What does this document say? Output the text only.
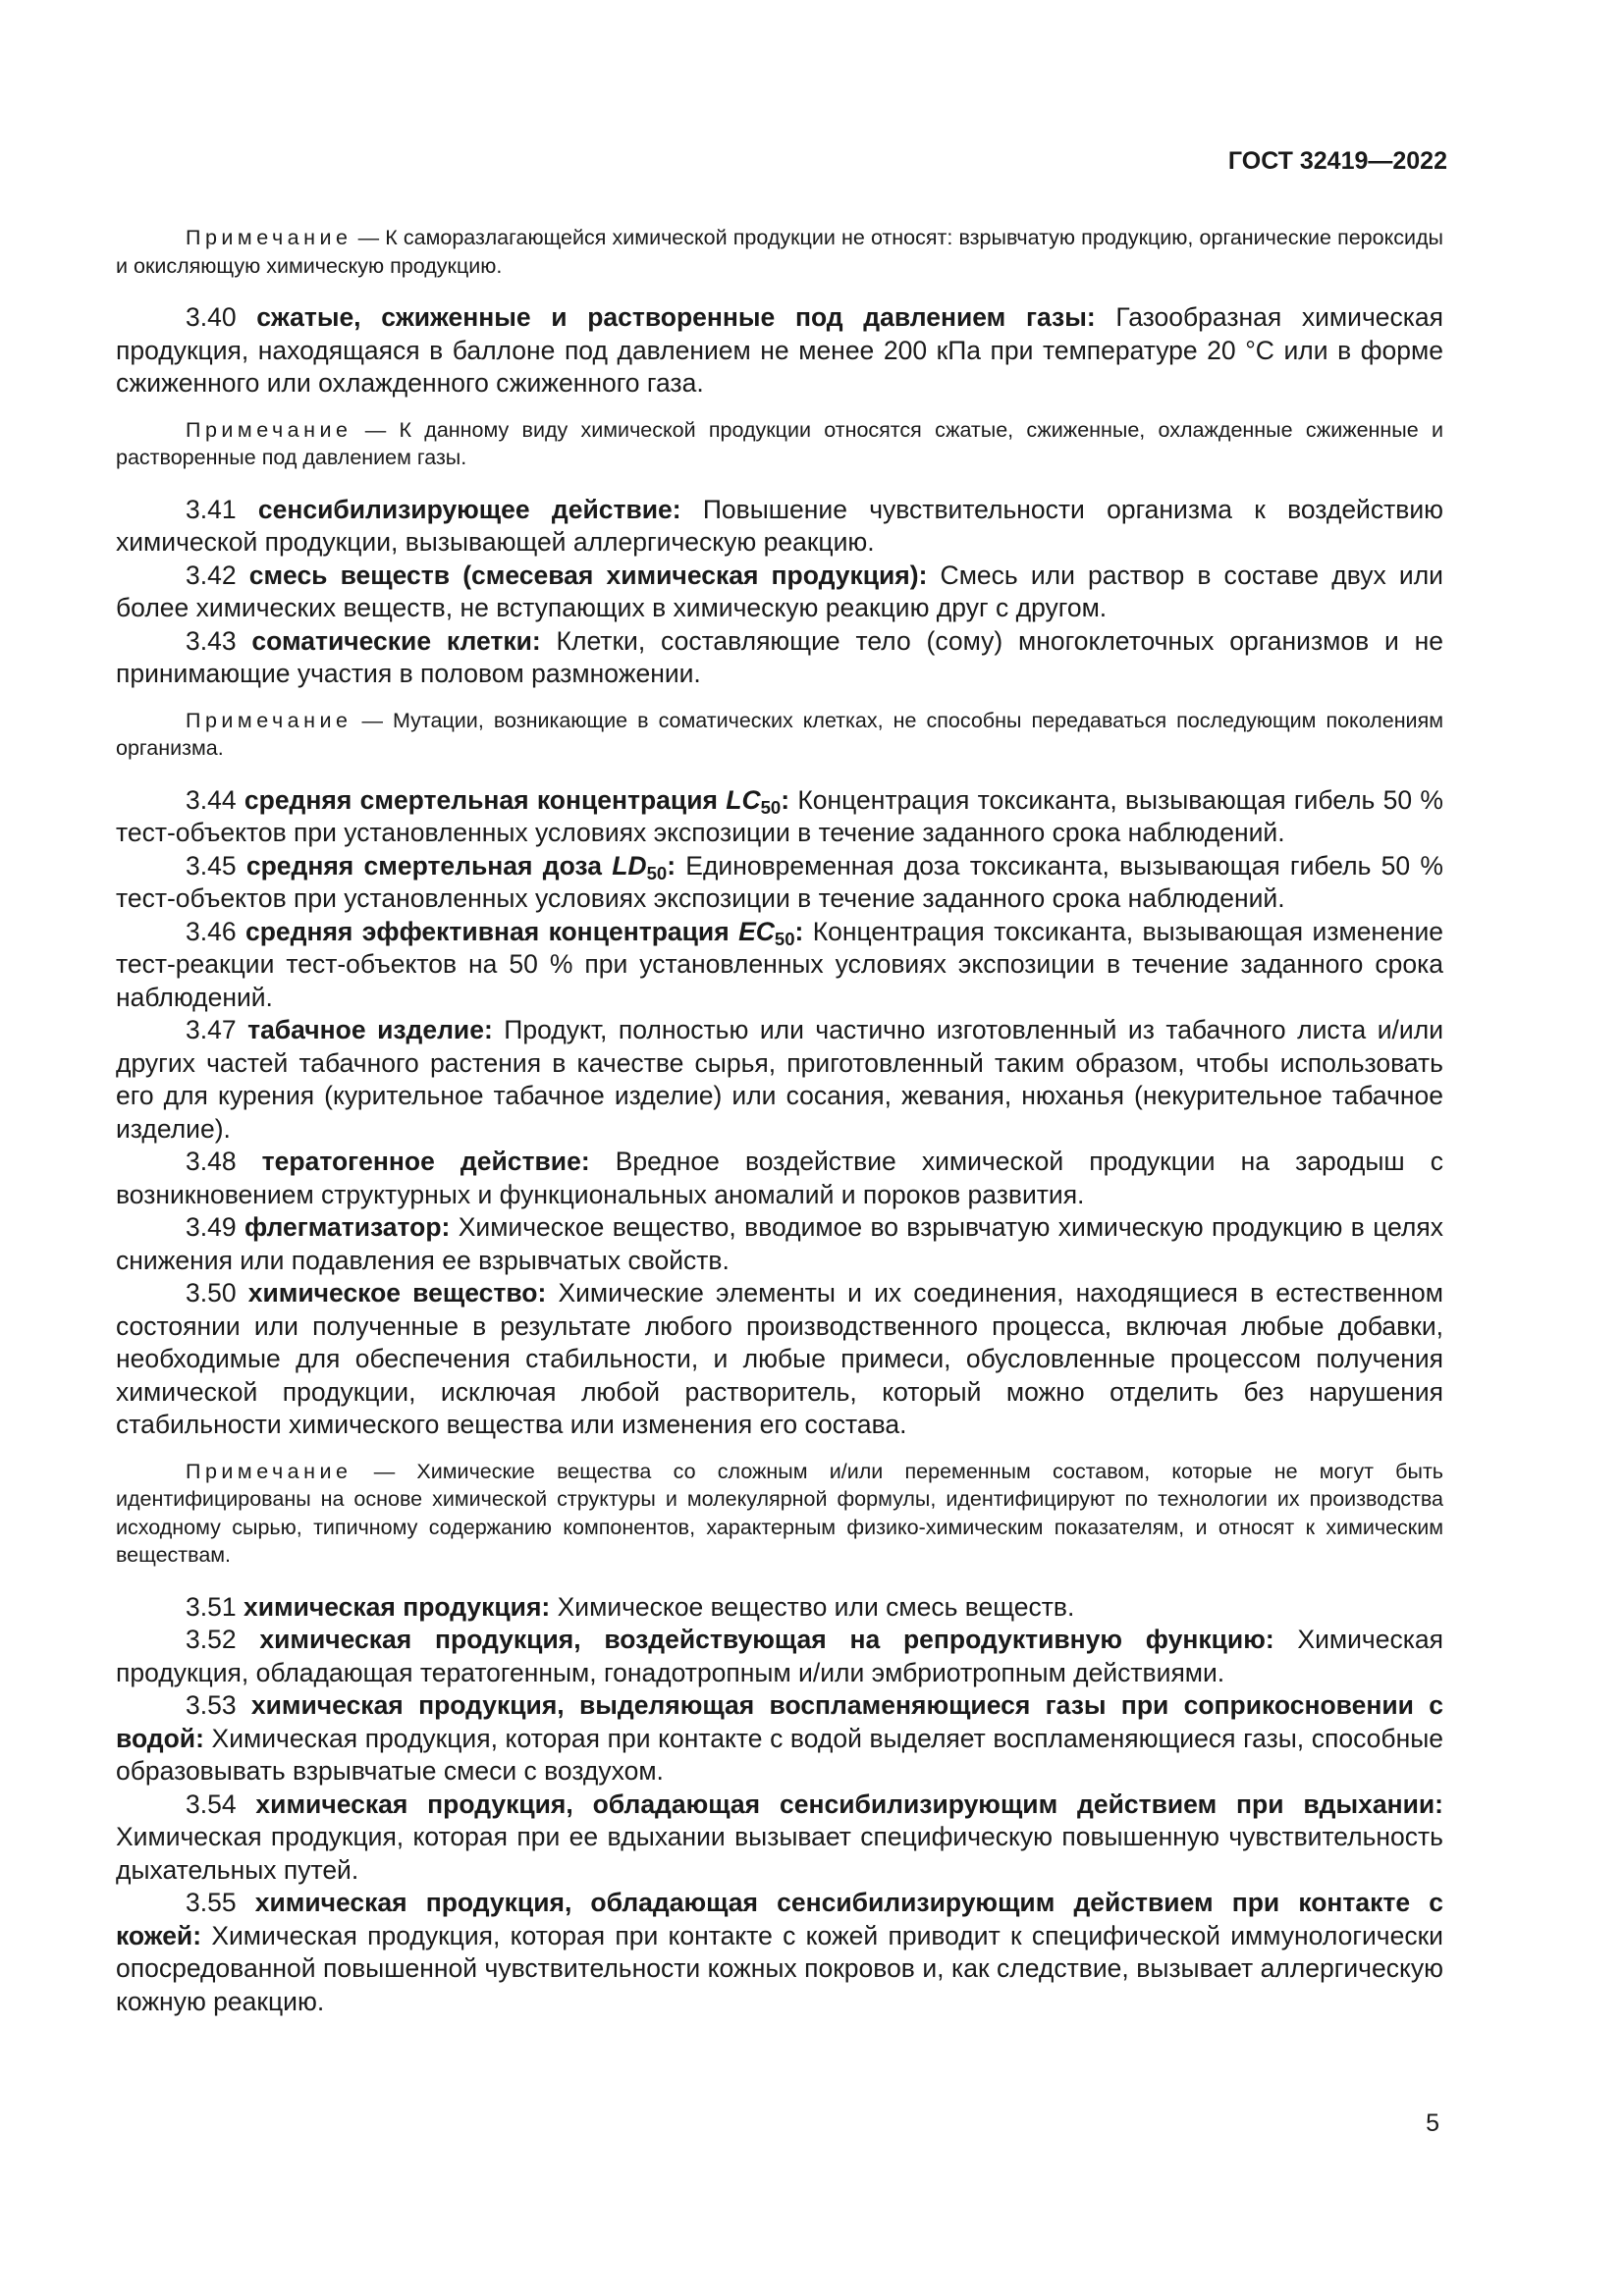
ГОСТ 32419—2022

Примечание — К саморазлагающейся химической продукции не относят: взрывчатую продукцию, органические пероксиды и окисляющую химическую продукцию.

3.40 сжатые, сжиженные и растворенные под давлением газы: Газообразная химическая продукция, находящаяся в баллоне под давлением не менее 200 кПа при температуре 20 °С или в форме сжиженного или охлажденного сжиженного газа.

Примечание — К данному виду химической продукции относятся сжатые, сжиженные, охлажденные сжиженные и растворенные под давлением газы.

3.41 сенсибилизирующее действие: Повышение чувствительности организма к воздействию химической продукции, вызывающей аллергическую реакцию.

3.42 смесь веществ (смесевая химическая продукция): Смесь или раствор в составе двух или более химических веществ, не вступающих в химическую реакцию друг с другом.

3.43 соматические клетки: Клетки, составляющие тело (сому) многоклеточных организмов и не принимающие участия в половом размножении.

Примечание — Мутации, возникающие в соматических клетках, не способны передаваться последующим поколениям организма.

3.44 средняя смертельная концентрация $LC_{50}$: Концентрация токсиканта, вызывающая гибель 50 % тест-объектов при установленных условиях экспозиции в течение заданного срока наблюдений.

3.45 средняя смертельная доза $LD_{50}$: Единовременная доза токсиканта, вызывающая гибель 50 % тест-объектов при установленных условиях экспозиции в течение заданного срока наблюдений.

3.46 средняя эффективная концентрация $EC_{50}$: Концентрация токсиканта, вызывающая изменение тест-реакции тест-объектов на 50 % при установленных условиях экспозиции в течение заданного срока наблюдений.

3.47 табачное изделие: Продукт, полностью или частично изготовленный из табачного листа и/или других частей табачного растения в качестве сырья, приготовленный таким образом, чтобы использовать его для курения (курительное табачное изделие) или сосания, жевания, нюханья (некурительное табачное изделие).

3.48 тератогенное действие: Вредное воздействие химической продукции на зародыш с возникновением структурных и функциональных аномалий и пороков развития.

3.49 флегматизатор: Химическое вещество, вводимое во взрывчатую химическую продукцию в целях снижения или подавления ее взрывчатых свойств.

3.50 химическое вещество: Химические элементы и их соединения, находящиеся в естественном состоянии или полученные в результате любого производственного процесса, включая любые добавки, необходимые для обеспечения стабильности, и любые примеси, обусловленные процессом получения химической продукции, исключая любой растворитель, который можно отделить без нарушения стабильности химического вещества или изменения его состава.

Примечание — Химические вещества со сложным и/или переменным составом, которые не могут быть идентифицированы на основе химической структуры и молекулярной формулы, идентифицируют по технологии их производства исходному сырью, типичному содержанию компонентов, характерным физико-химическим показателям, и относят к химическим веществам.

3.51 химическая продукция: Химическое вещество или смесь веществ.

3.52 химическая продукция, воздействующая на репродуктивную функцию: Химическая продукция, обладающая тератогенным, гонадотропным и/или эмбриотропным действиями.

3.53 химическая продукция, выделяющая воспламеняющиеся газы при соприкосновении с водой: Химическая продукция, которая при контакте с водой выделяет воспламеняющиеся газы, способные образовывать взрывчатые смеси с воздухом.

3.54 химическая продукция, обладающая сенсибилизирующим действием при вдыхании: Химическая продукция, которая при ее вдыхании вызывает специфическую повышенную чувствительность дыхательных путей.

3.55 химическая продукция, обладающая сенсибилизирующим действием при контакте с кожей: Химическая продукция, которая при контакте с кожей приводит к специфической иммунологически опосредованной повышенной чувствительности кожных покровов и, как следствие, вызывает аллергическую кожную реакцию.

5
